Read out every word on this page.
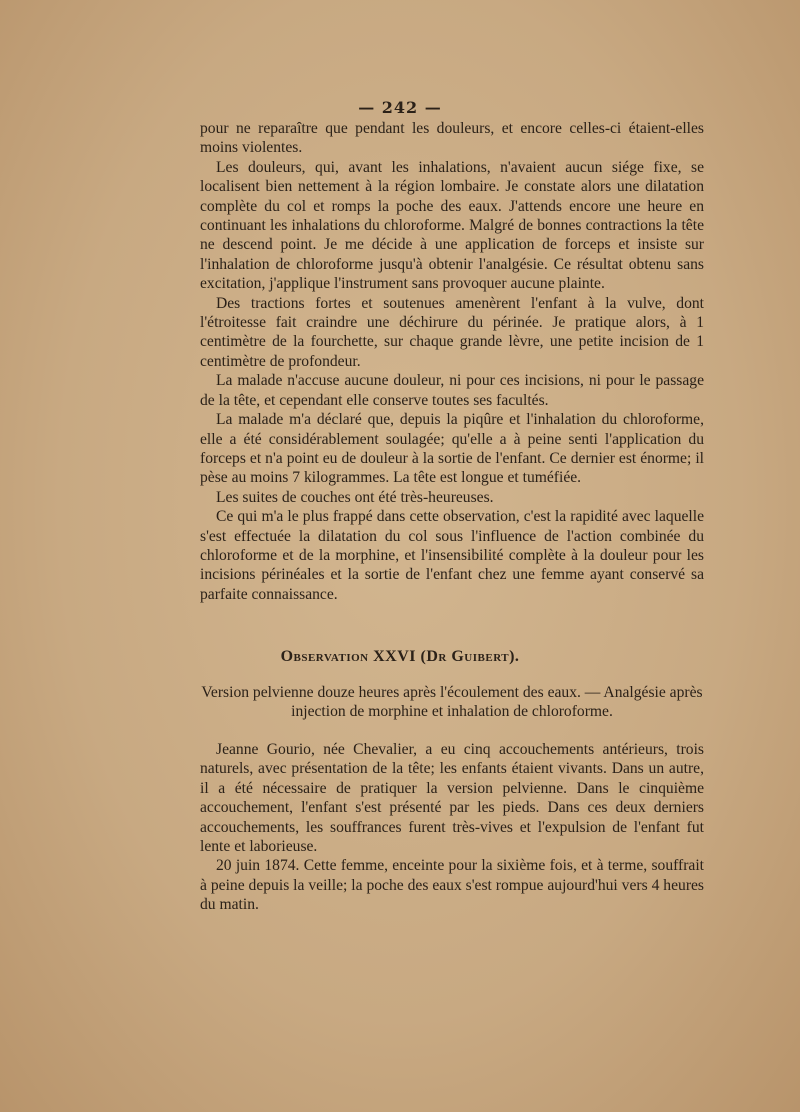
— 242 —

pour ne reparaître que pendant les douleurs, et encore celles-ci étaient-elles moins violentes.

Les douleurs, qui, avant les inhalations, n'avaient aucun siége fixe, se localisent bien nettement à la région lombaire. Je constate alors une dilatation complète du col et romps la poche des eaux. J'attends encore une heure en continuant les inhalations du chloroforme. Malgré de bonnes contractions la tête ne descend point. Je me décide à une application de forceps et insiste sur l'inhalation de chloroforme jusqu'à obtenir l'analgésie. Ce résultat obtenu sans excitation, j'applique l'instrument sans provoquer aucune plainte.

Des tractions fortes et soutenues amenèrent l'enfant à la vulve, dont l'étroitesse fait craindre une déchirure du périnée. Je pratique alors, à 1 centimètre de la fourchette, sur chaque grande lèvre, une petite incision de 1 centimètre de profondeur.

La malade n'accuse aucune douleur, ni pour ces incisions, ni pour le passage de la tête, et cependant elle conserve toutes ses facultés.

La malade m'a déclaré que, depuis la piqûre et l'inhalation du chloroforme, elle a été considérablement soulagée; qu'elle a à peine senti l'application du forceps et n'a point eu de douleur à la sortie de l'enfant. Ce dernier est énorme; il pèse au moins 7 kilogrammes. La tête est longue et tuméfiée.

Les suites de couches ont été très-heureuses.

Ce qui m'a le plus frappé dans cette observation, c'est la rapidité avec laquelle s'est effectuée la dilatation du col sous l'influence de l'action combinée du chloroforme et de la morphine, et l'insensibilité complète à la douleur pour les incisions périnéales et la sortie de l'enfant chez une femme ayant conservé sa parfaite connaissance.

Observation XXVI (Dr Guibert).
Version pelvienne douze heures après l'écoulement des eaux. — Analgésie après injection de morphine et inhalation de chloroforme.

Jeanne Gourio, née Chevalier, a eu cinq accouchements antérieurs, trois naturels, avec présentation de la tête; les enfants étaient vivants. Dans un autre, il a été nécessaire de pratiquer la version pelvienne. Dans le cinquième accouchement, l'enfant s'est présenté par les pieds. Dans ces deux derniers accouchements, les souffrances furent très-vives et l'expulsion de l'enfant fut lente et laborieuse.

20 juin 1874. Cette femme, enceinte pour la sixième fois, et à terme, souffrait à peine depuis la veille; la poche des eaux s'est rompue aujourd'hui vers 4 heures du matin.
